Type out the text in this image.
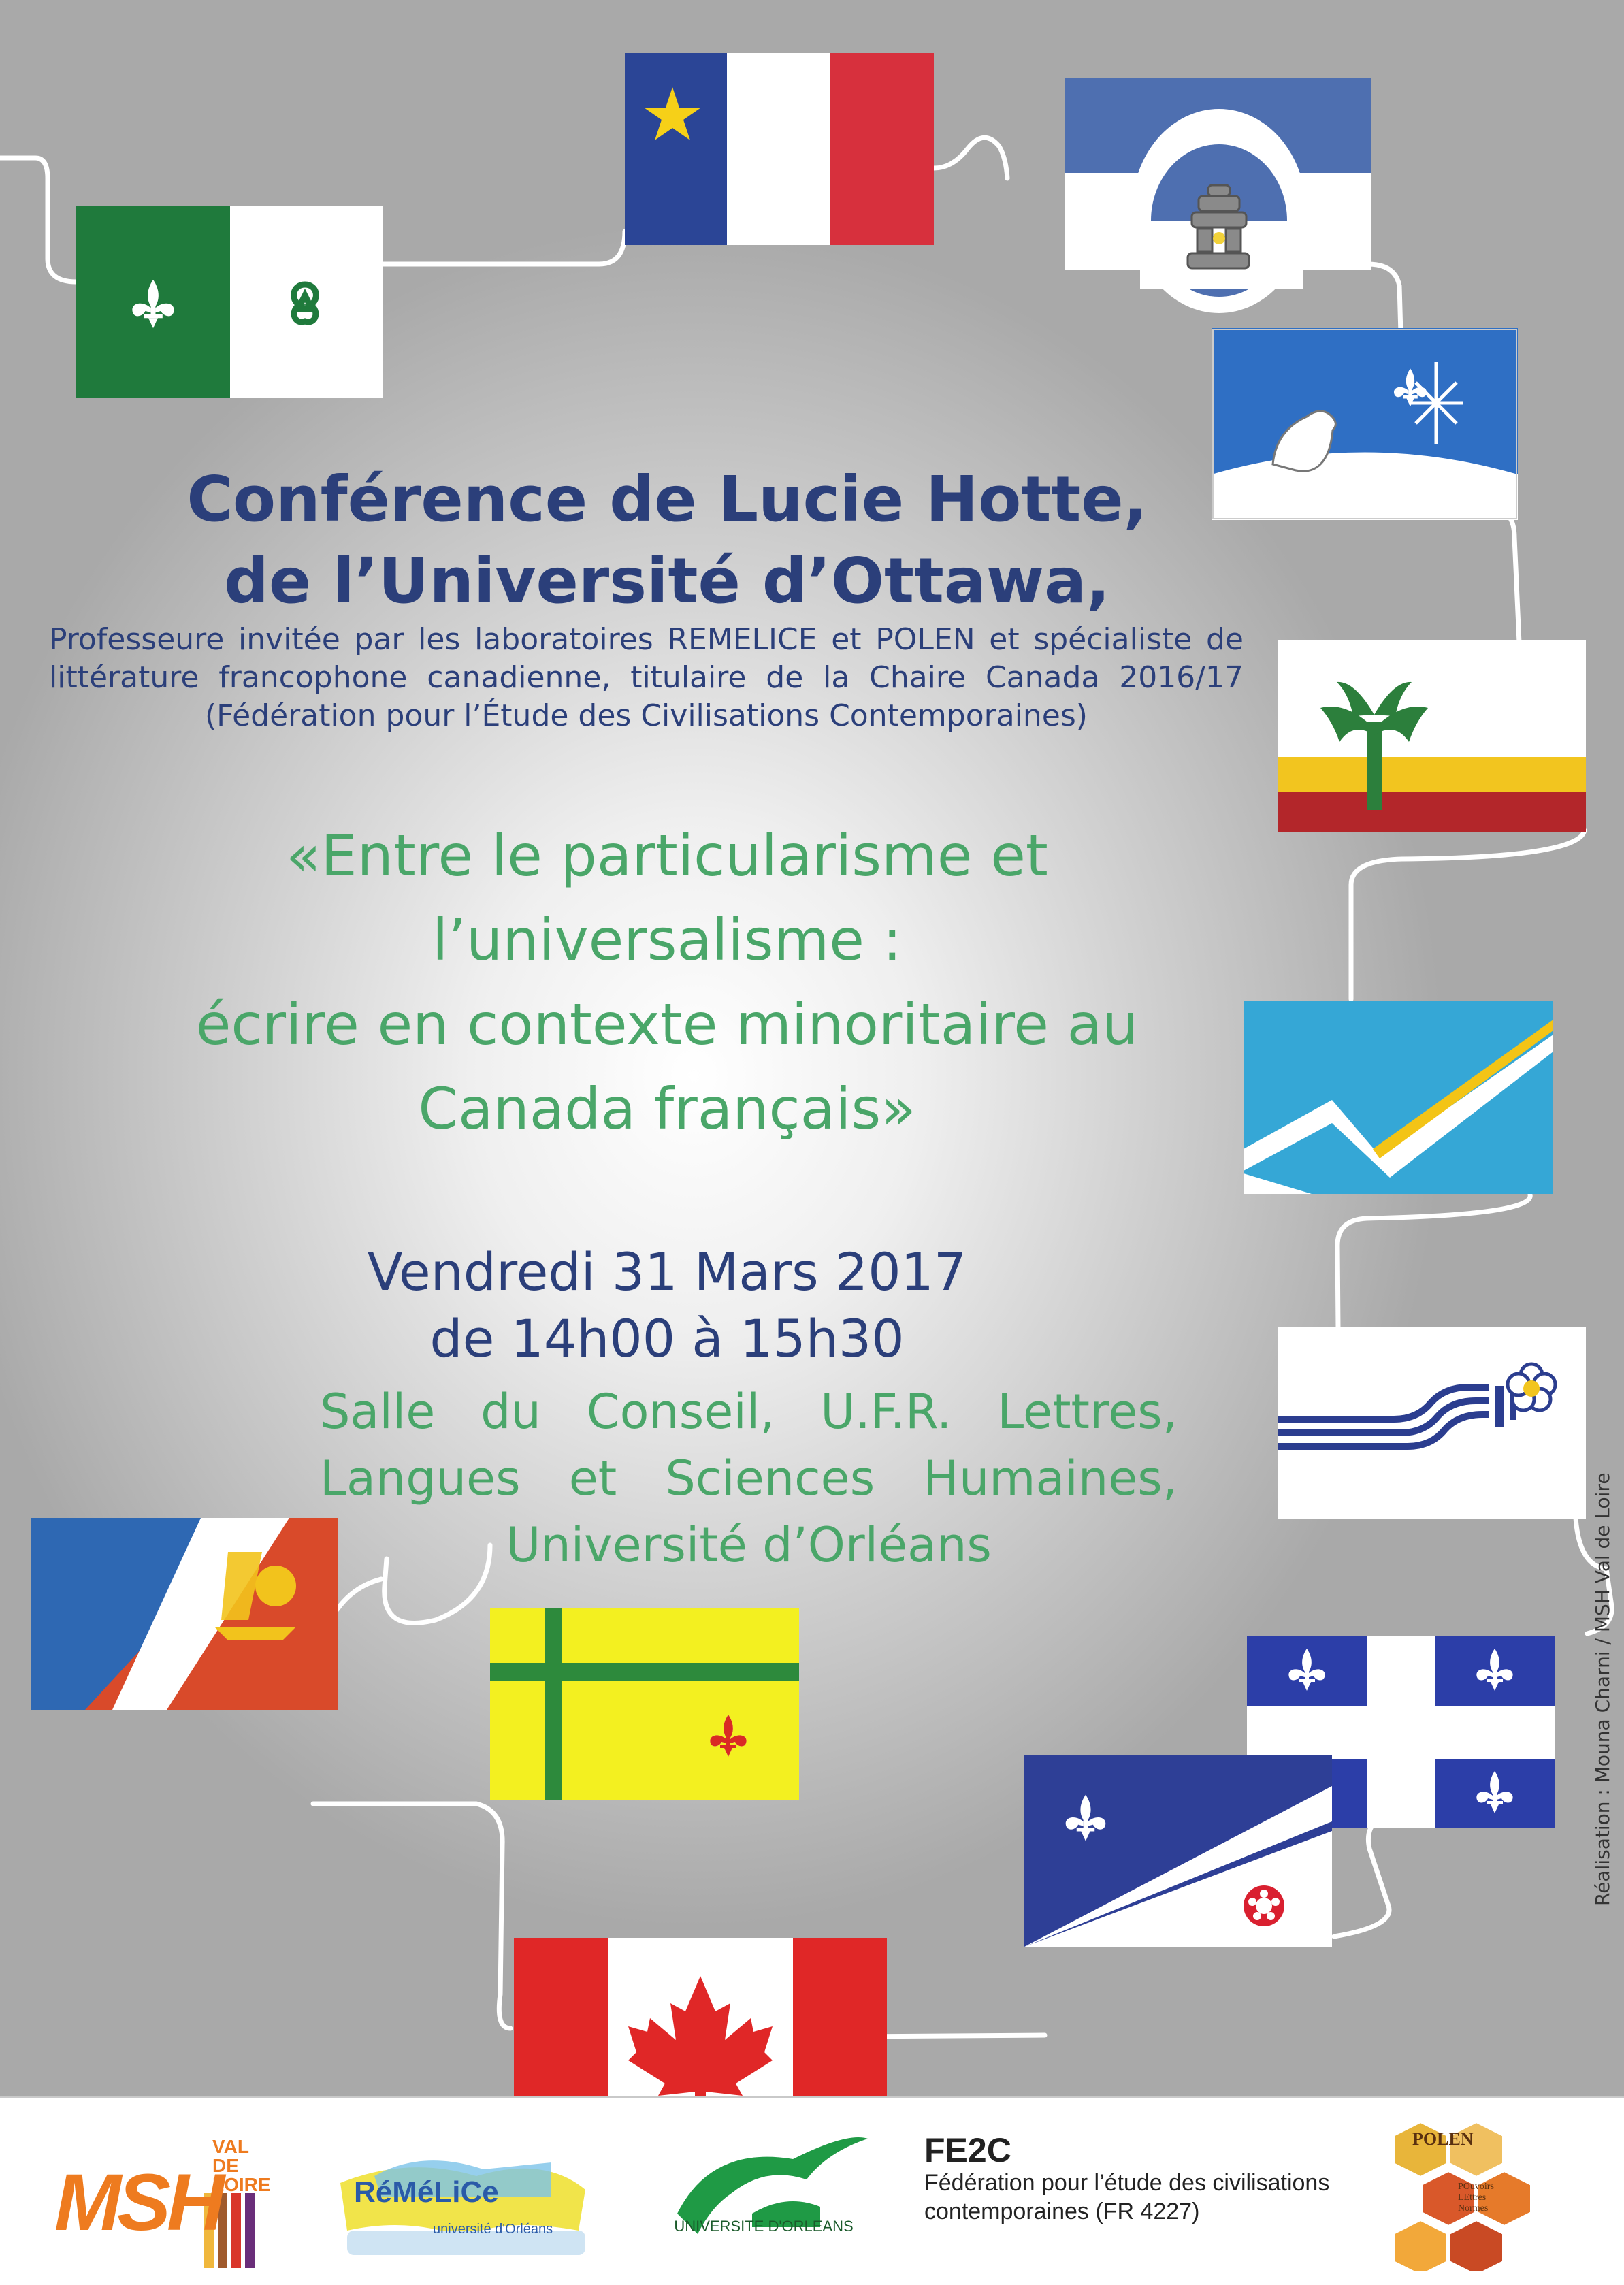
Conférence de Lucie Hotte,
de l’Université d’Ottawa,
Professeure invitée par les laboratoires REMELICE et POLEN et spécialiste de littérature francophone canadienne, titulaire de la Chaire Canada 2016/17 (Fédération pour l’Étude des Civilisations Contemporaines)
«Entre le particularisme et
l’universalisme :
écrire en contexte minoritaire au
Canada français»
Vendredi 31 Mars 2017
de 14h00 à 15h30
Salle du Conseil, U.F.R. Lettres, Langues et Sciences Humaines, Université d’Orléans	Réalisation : Mouna Charni / MSH Val de Loire
MSH
VAL DE LOIRE	RéMéLiCe
université d'Orléans	UNIVERSITE D'ORLEANS
FE2C
Fédération pour l’étude des civilisations contemporaines (FR 4227)
POLEN
POuvoirs LEttres Normes
